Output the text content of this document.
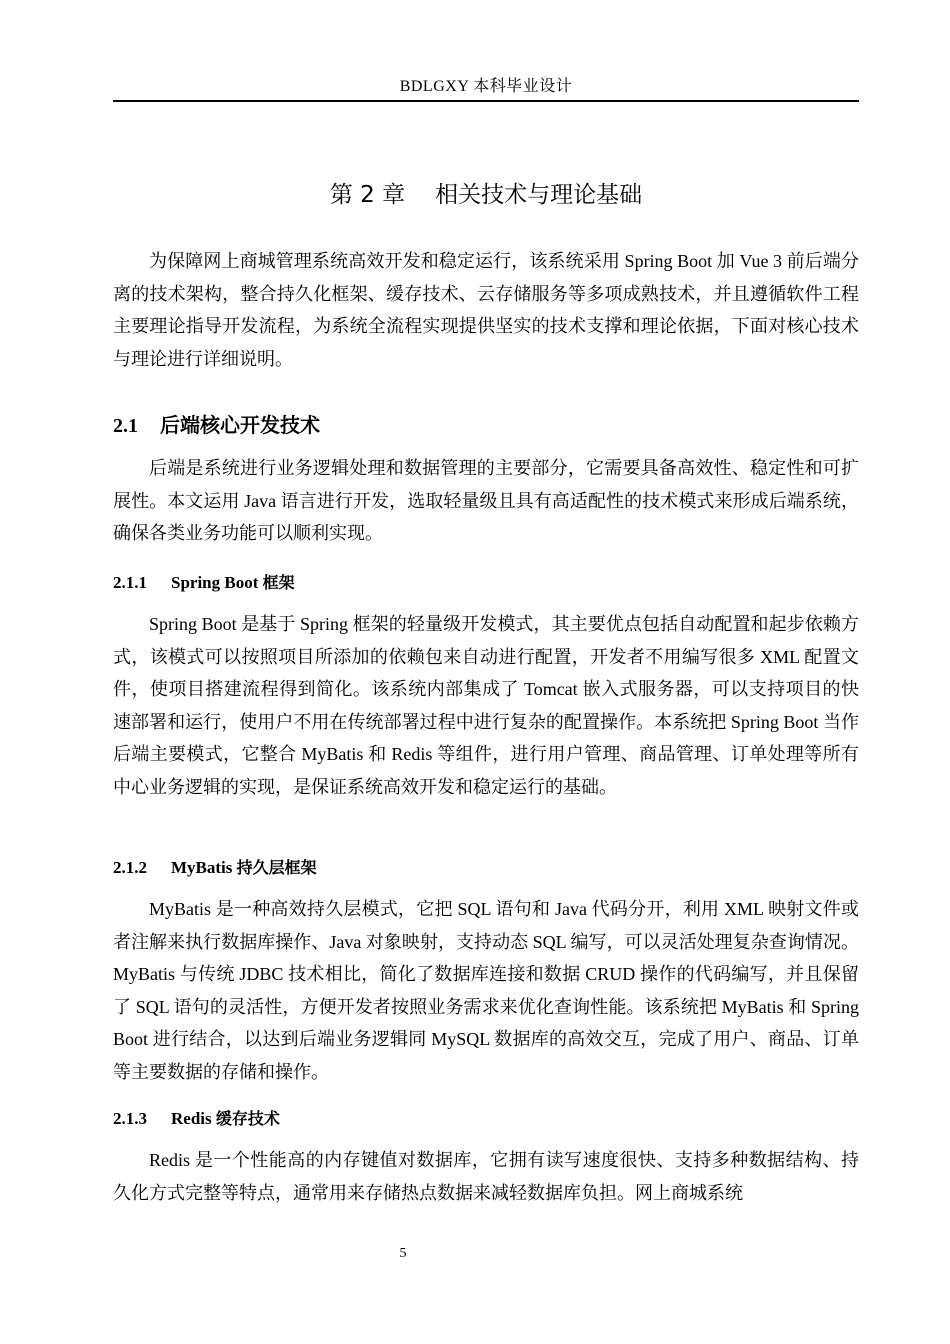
BDLGXY 本科毕业设计
第 2 章 相关技术与理论基础

为保障网上商城管理系统高效开发和稳定运行，该系统采用 Spring Boot 加 Vue 3 前后端分离的技术架构，整合持久化框架、缓存技术、云存储服务等多项成熟技术，并且遵循软件工程主要理论指导开发流程，为系统全流程实现提供坚实的技术支撑和理论依据，下面对核心技术与理论进行详细说明。

2.1 后端核心开发技术

后端是系统进行业务逻辑处理和数据管理的主要部分，它需要具备高效性、稳定性和可扩展性。本文运用 Java 语言进行开发，选取轻量级且具有高适配性的技术模式来形成后端系统，确保各类业务功能可以顺利实现。

2.1.1 Spring Boot 框架

Spring Boot 是基于 Spring 框架的轻量级开发模式，其主要优点包括自动配置和起步依赖方式，该模式可以按照项目所添加的依赖包来自动进行配置，开发者不用编写很多 XML 配置文件，使项目搭建流程得到简化。该系统内部集成了 Tomcat 嵌入式服务器，可以支持项目的快速部署和运行，使用户不用在传统部署过程中进行复杂的配置操作。本系统把 Spring Boot 当作后端主要模式，它整合 MyBatis 和 Redis 等组件，进行用户管理、商品管理、订单处理等所有中心业务逻辑的实现，是保证系统高效开发和稳定运行的基础。

2.1.2 MyBatis 持久层框架

MyBatis 是一种高效持久层模式，它把 SQL 语句和 Java 代码分开，利用 XML 映射文件或者注解来执行数据库操作、Java 对象映射，支持动态 SQL 编写，可以灵活处理复杂查询情况。MyBatis 与传统 JDBC 技术相比，简化了数据库连接和数据 CRUD 操作的代码编写，并且保留了 SQL 语句的灵活性，方便开发者按照业务需求来优化查询性能。该系统把 MyBatis 和 Spring Boot 进行结合，以达到后端业务逻辑同 MySQL 数据库的高效交互，完成了用户、商品、订单等主要数据的存储和操作。

2.1.3 Redis 缓存技术

Redis 是一个性能高的内存键值对数据库，它拥有读写速度很快、支持多种数据结构、持久化方式完整等特点，通常用来存储热点数据来减轻数据库负担。网上商城系统

5
